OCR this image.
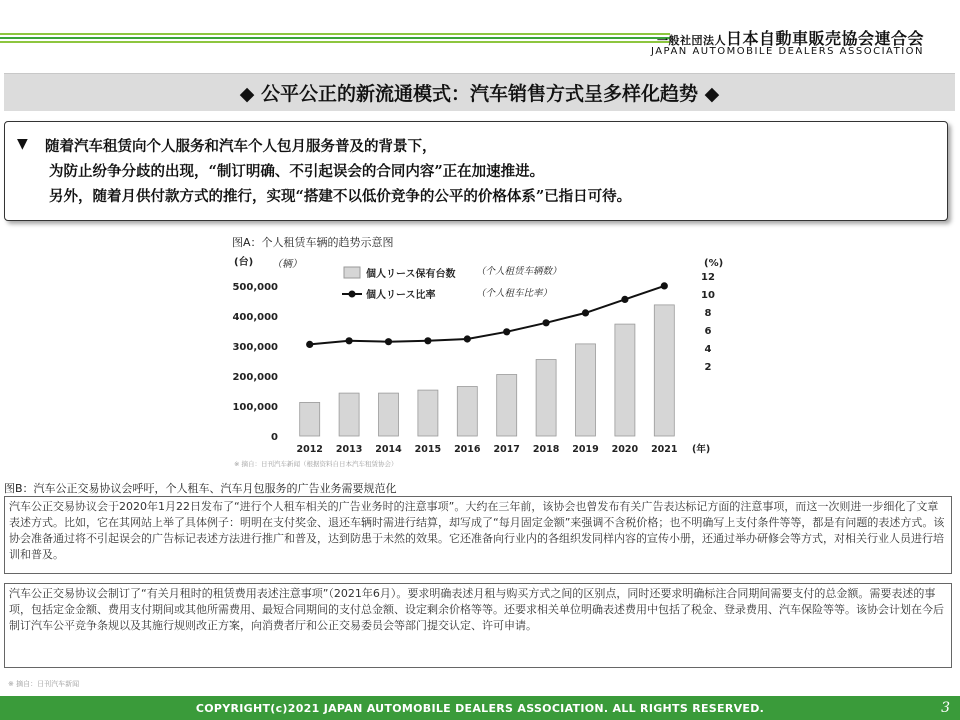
一般社団法人日本自動車販売協会連合会
JAPAN AUTOMOBILE DEALERS ASSOCIATION
◆ 公平公正的新流通模式：汽车销售方式呈多样化趋势 ◆
▼ 随着汽车租赁向个人服务和汽车个人包月服务普及的背景下，
为防止纷争分歧的出现，“制订明确、不引起误会的合同内容”正在加速推进。
另外，随着月供付款方式的推行，实现“搭建不以低价竞争的公平的价格体系”已指日可待。
图A：个人租赁车辆的趋势示意图
(台) （辆）	(%)
0
100,000
200,000
300,000
400,000
500,000
2
4
6
8
10
12
2012 2013 2014 2015 2016 2017 2018 2019 2020 2021 (年)
個人リース保有台数
個人リース比率
（个人租赁车辆数）
（个人租车比率）
※ 摘自：日刊汽车新闻（根据资料自日本汽车租赁协会）
图B：汽车公正交易协议会呼吁，个人租车、汽车月包服务的广告业务需要规范化

汽车公正交易协议会于2020年1月22日发布了“进行个人租车相关的广告业务时的注意事项”。大约在三年前，该协会也曾发布有关广告表达标记方面的注意事项，而这一次则进一步细化了文章表述方式。比如，它在其网站上举了具体例子：明明在支付奖金、退还车辆时需进行结算，却写成了“每月固定金额”来强调不含税价格；也不明确写上支付条件等等，都是有问题的表述方式。该协会准备通过将不引起误会的广告标记表述方法进行推广和普及，达到防患于未然的效果。它还准备向行业内的各组织发同样内容的宣传小册，还通过举办研修会等方式，对相关行业人员进行培训和普及。

汽车公正交易协议会制订了“有关月租时的租赁费用表述注意事项”（2021年6月）。要求明确表述月租与购买方式之间的区别点，同时还要求明确标注合同期间需要支付的总金额。需要表述的事项，包括定金金额、费用支付期间或其他所需费用、最短合同期间的支付总金额、设定剩余价格等等。还要求相关单位明确表述费用中包括了税金、登录费用、汽车保险等等。该协会计划在今后制订汽车公平竞争条规以及其施行规则改正方案，向消费者厅和公正交易委员会等部门提交认定、许可申请。

※ 摘自：日刊汽车新闻
COPYRIGHT(c)2021 JAPAN AUTOMOBILE DEALERS ASSOCIATION. ALL RIGHTS RESERVED.	3
